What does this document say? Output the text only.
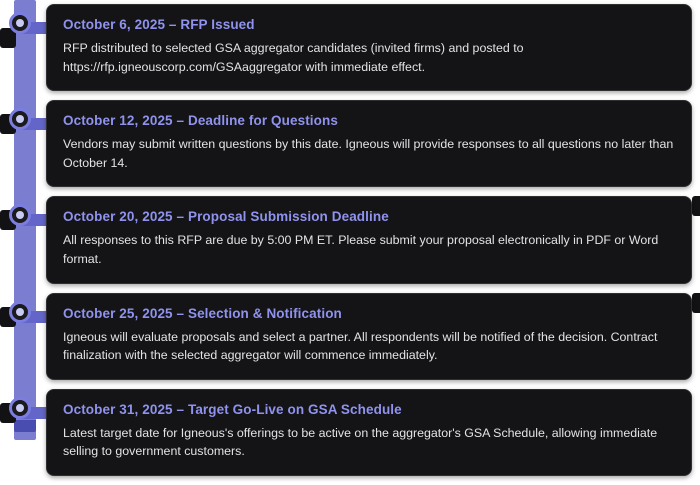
October 6, 2025 – RFP Issued

RFP distributed to selected GSA aggregator candidates (invited firms) and posted to https://rfp.igneouscorp.com/GSAaggregator with immediate effect.

October 12, 2025 – Deadline for Questions

Vendors may submit written questions by this date. Igneous will provide responses to all questions no later than October 14.

October 20, 2025 – Proposal Submission Deadline

All responses to this RFP are due by 5:00 PM ET. Please submit your proposal electronically in PDF or Word format.

October 25, 2025 – Selection & Notification

Igneous will evaluate proposals and select a partner. All respondents will be notified of the decision. Contract finalization with the selected aggregator will commence immediately.

October 31, 2025 – Target Go-Live on GSA Schedule

Latest target date for Igneous's offerings to be active on the aggregator's GSA Schedule, allowing immediate selling to government customers.
